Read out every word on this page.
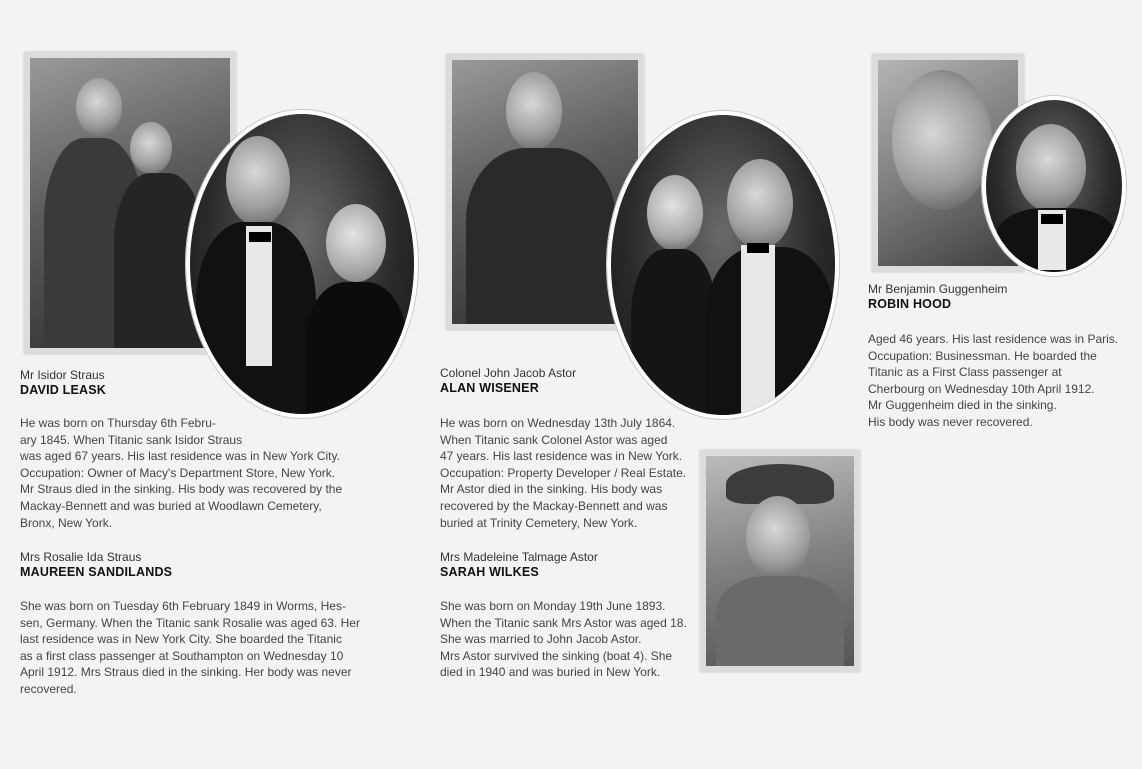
Mr Isidor Straus
DAVID LEASK
He was born on Thursday 6th Febru-
ary 1845. When Titanic sank Isidor Straus
was aged 67 years. His last residence was in New York City.
Occupation: Owner of Macy's Department Store, New York.
Mr Straus died in the sinking. His body was recovered by the
Mackay-Bennett and was buried at Woodlawn Cemetery,
Bronx, New York.
Mrs Rosalie Ida Straus
MAUREEN SANDILANDS
She was born on Tuesday 6th February 1849 in Worms, Hes-
sen, Germany. When the Titanic sank Rosalie was aged 63. Her
last residence was in New York City. She boarded the Titanic
as a first class passenger at Southampton on Wednesday 10
April 1912. Mrs Straus died in the sinking. Her body was never
recovered.
Colonel John Jacob Astor
ALAN WISENER
He was born on Wednesday 13th July 1864.
When Titanic sank Colonel Astor was aged
47 years. His last residence was in New York.
Occupation: Property Developer / Real Estate.
Mr Astor died in the sinking. His body was
recovered by the Mackay-Bennett and was
buried at Trinity Cemetery, New York.
Mrs Madeleine Talmage Astor
SARAH WILKES
She was born on Monday 19th June 1893.
When the Titanic sank Mrs Astor was aged 18.
She was married to John Jacob Astor.
Mrs Astor survived the sinking (boat 4). She
died in 1940 and was buried in New York.
Mr Benjamin Guggenheim
ROBIN HOOD
Aged 46 years. His last residence was in Paris.
Occupation: Businessman. He boarded the
Titanic as a First Class passenger at
Cherbourg on Wednesday 10th April 1912.
Mr Guggenheim died in the sinking.
His body was never recovered.
